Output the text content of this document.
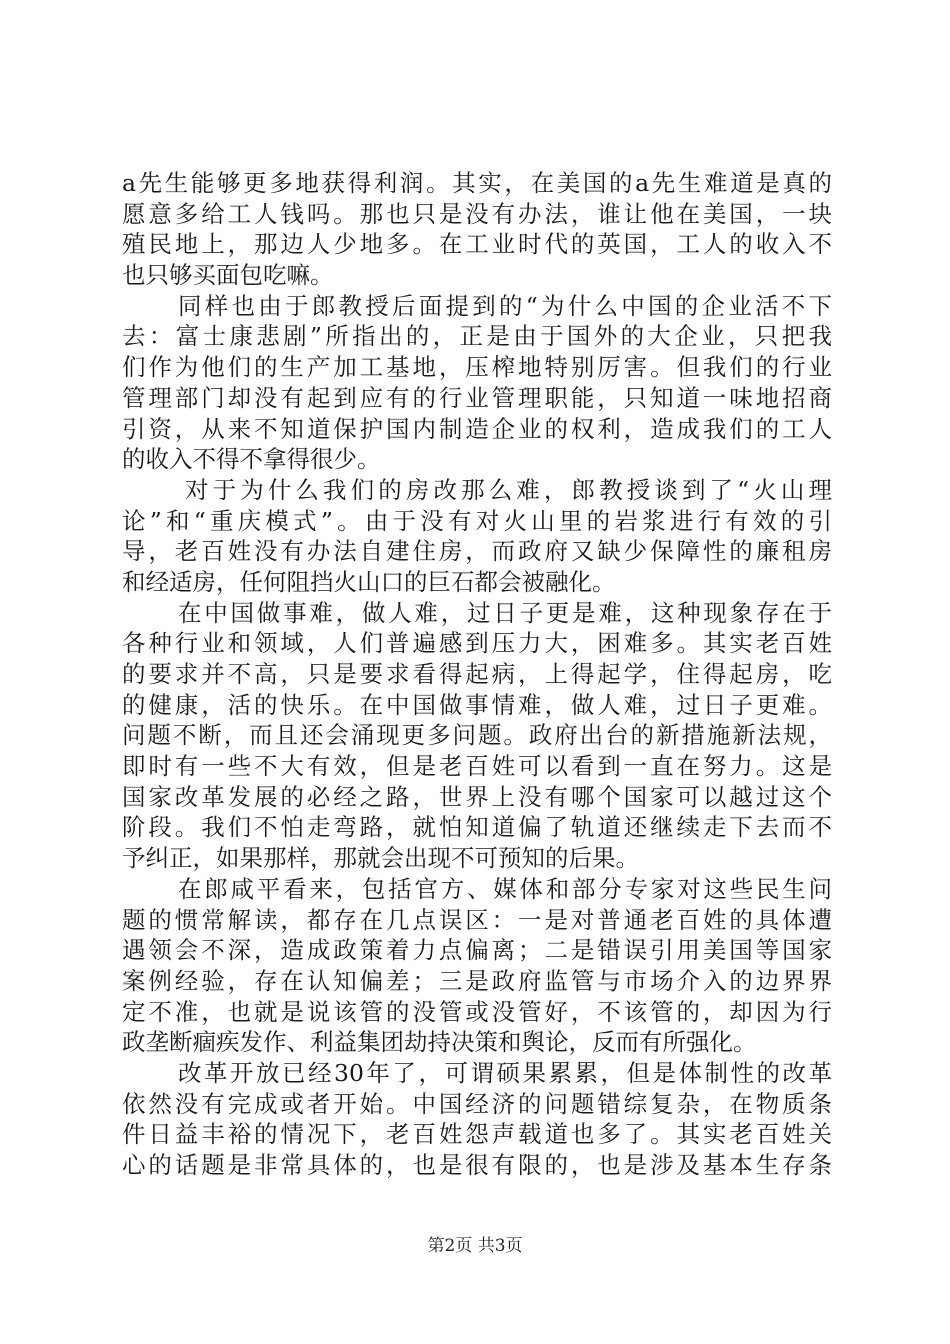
a先生能够更多地获得利润。其实，在美国的a先生难道是真的
愿意多给工人钱吗。那也只是没有办法，谁让他在美国，一块
殖民地上，那边人少地多。在工业时代的英国，工人的收入不
也只够买面包吃嘛。
同样也由于郎教授后面提到的“为什么中国的企业活不下
去：富士康悲剧”所指出的，正是由于国外的大企业，只把我
们作为他们的生产加工基地，压榨地特别厉害。但我们的行业
管理部门却没有起到应有的行业管理职能，只知道一味地招商
引资，从来不知道保护国内制造企业的权利，造成我们的工人
的收入不得不拿得很少。
对于为什么我们的房改那么难，郎教授谈到了“火山理
论”和“重庆模式”。由于没有对火山里的岩浆进行有效的引
导，老百姓没有办法自建住房，而政府又缺少保障性的廉租房
和经适房，任何阻挡火山口的巨石都会被融化。
在中国做事难，做人难，过日子更是难，这种现象存在于
各种行业和领域，人们普遍感到压力大，困难多。其实老百姓
的要求并不高，只是要求看得起病，上得起学，住得起房，吃
的健康，活的快乐。在中国做事情难，做人难，过日子更难。
问题不断，而且还会涌现更多问题。政府出台的新措施新法规，
即时有一些不大有效，但是老百姓可以看到一直在努力。这是
国家改革发展的必经之路，世界上没有哪个国家可以越过这个
阶段。我们不怕走弯路，就怕知道偏了轨道还继续走下去而不
予纠正，如果那样，那就会出现不可预知的后果。
在郎咸平看来，包括官方、媒体和部分专家对这些民生问
题的惯常解读，都存在几点误区：一是对普通老百姓的具体遭
遇领会不深，造成政策着力点偏离；二是错误引用美国等国家
案例经验，存在认知偏差；三是政府监管与市场介入的边界界
定不准，也就是说该管的没管或没管好，不该管的，却因为行
政垄断痼疾发作、利益集团劫持决策和舆论，反而有所强化。
改革开放已经30年了，可谓硕果累累，但是体制性的改革
依然没有完成或者开始。中国经济的问题错综复杂，在物质条
件日益丰裕的情况下，老百姓怨声载道也多了。其实老百姓关
心的话题是非常具体的，也是很有限的，也是涉及基本生存条
第2页 共3页
